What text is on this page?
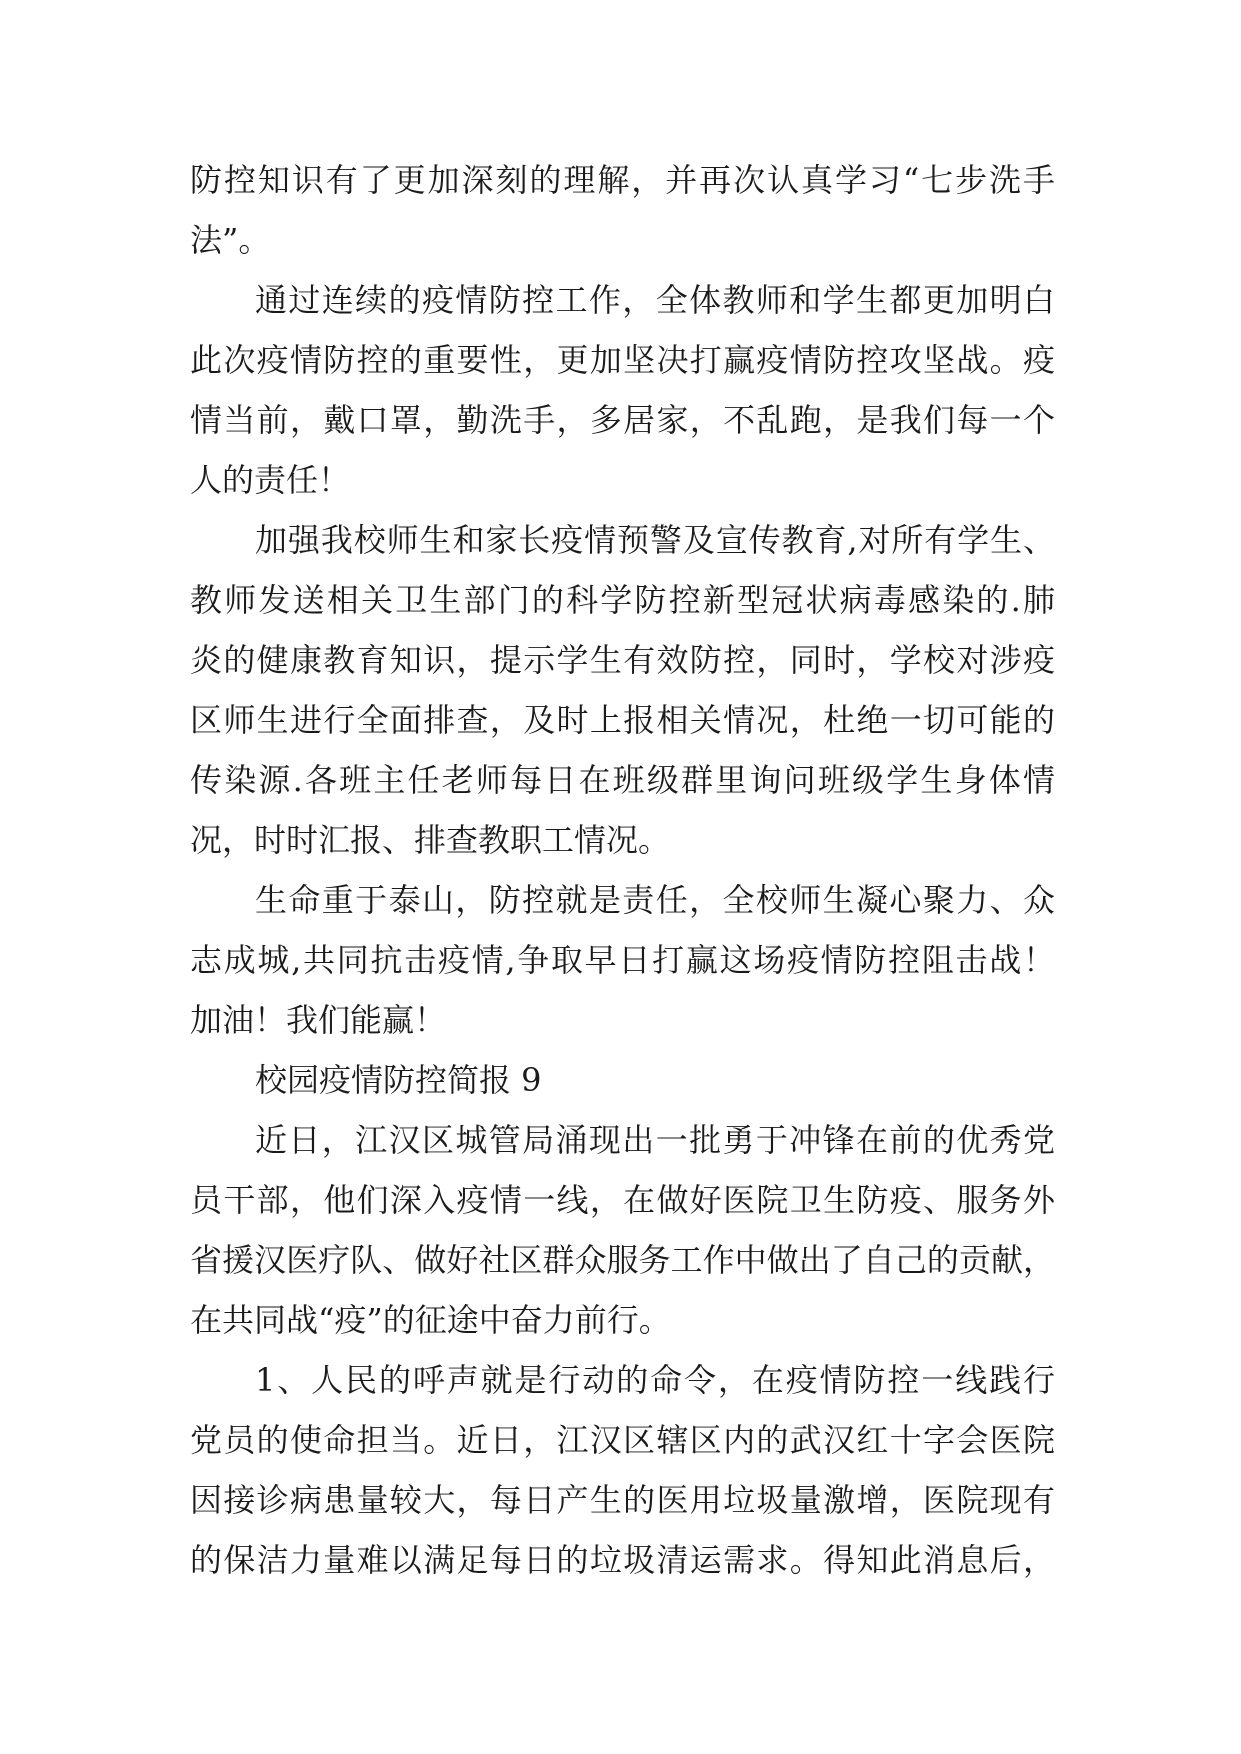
防控知识有了更加深刻的理解，并再次认真学习“七步洗手
法”。
通过连续的疫情防控工作，全体教师和学生都更加明白
此次疫情防控的重要性，更加坚决打赢疫情防控攻坚战。疫
情当前，戴口罩，勤洗手，多居家，不乱跑，是我们每一个
人的责任！
加强我校师生和家长疫情预警及宣传教育,对所有学生、
教师发送相关卫生部门的科学防控新型冠状病毒感染的.肺
炎的健康教育知识，提示学生有效防控，同时，学校对涉疫
区师生进行全面排查，及时上报相关情况，杜绝一切可能的
传染源.各班主任老师每日在班级群里询问班级学生身体情
况，时时汇报、排查教职工情况。
生命重于泰山，防控就是责任，全校师生凝心聚力、众
志成城,共同抗击疫情,争取早日打赢这场疫情防控阻击战！
加油！我们能赢！
校园疫情防控简报 9
近日，江汉区城管局涌现出一批勇于冲锋在前的优秀党
员干部，他们深入疫情一线，在做好医院卫生防疫、服务外
省援汉医疗队、做好社区群众服务工作中做出了自己的贡献，
在共同战“疫”的征途中奋力前行。
1、人民的呼声就是行动的命令，在疫情防控一线践行
党员的使命担当。近日，江汉区辖区内的武汉红十字会医院
因接诊病患量较大，每日产生的医用垃圾量激增，医院现有
的保洁力量难以满足每日的垃圾清运需求。得知此消息后，
